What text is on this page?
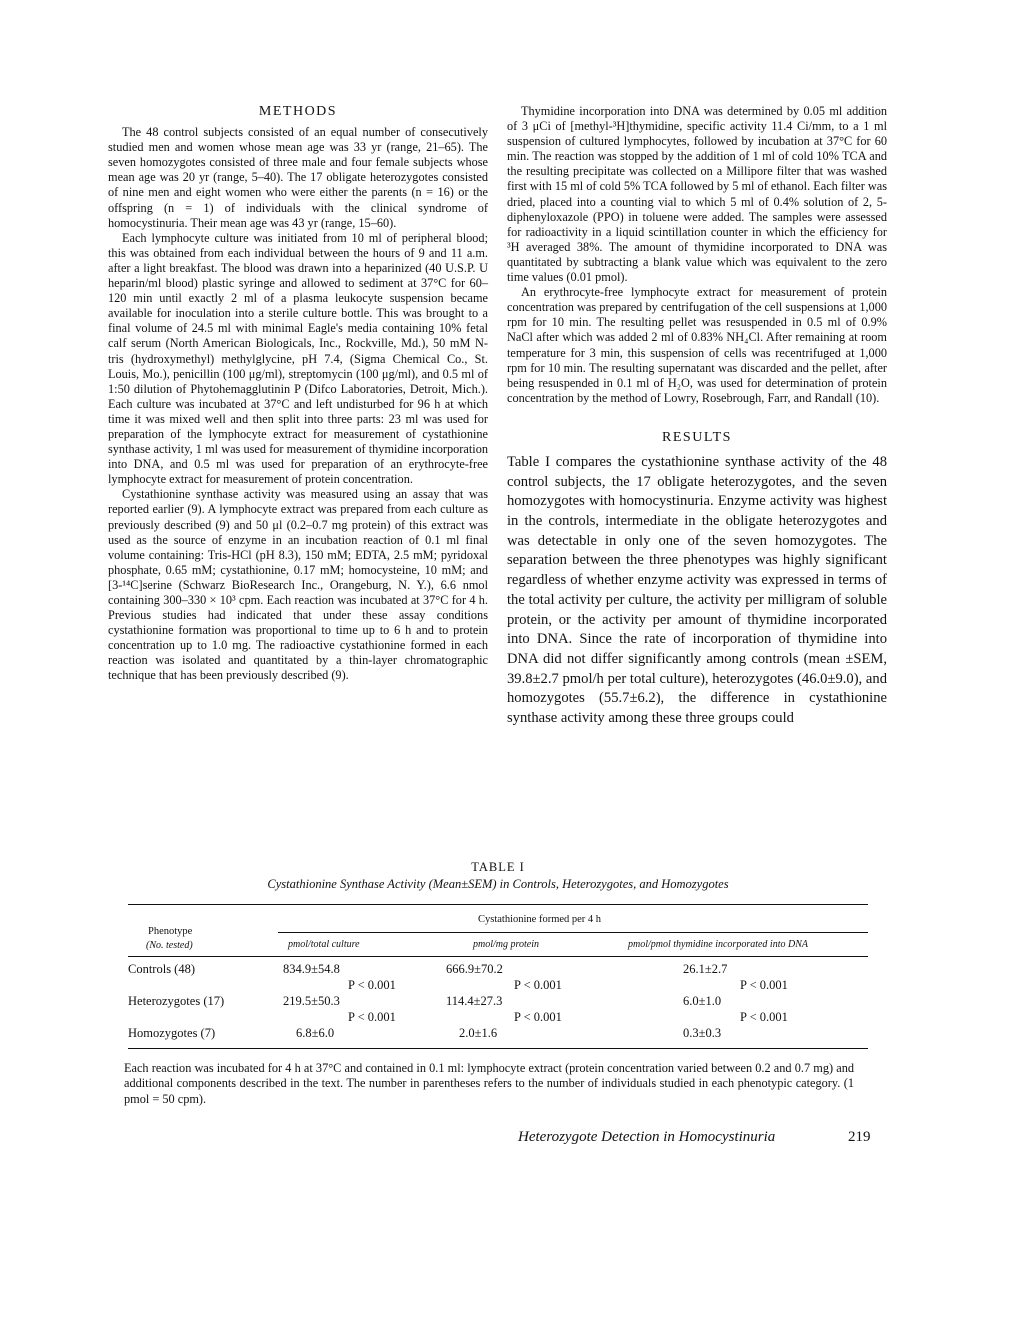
METHODS

The 48 control subjects consisted of an equal number of consecutively studied men and women whose mean age was 33 yr (range, 21–65). The seven homozygotes consisted of three male and four female subjects whose mean age was 20 yr (range, 5–40). The 17 obligate heterozygotes consisted of nine men and eight women who were either the parents (n = 16) or the offspring (n = 1) of individuals with the clinical syndrome of homocystinuria. Their mean age was 43 yr (range, 15–60).

Each lymphocyte culture was initiated from 10 ml of peripheral blood; this was obtained from each individual between the hours of 9 and 11 a.m. after a light breakfast. The blood was drawn into a heparinized (40 U.S.P. U heparin/ml blood) plastic syringe and allowed to sediment at 37°C for 60–120 min until exactly 2 ml of a plasma leukocyte suspension became available for inoculation into a sterile culture bottle. This was brought to a final volume of 24.5 ml with minimal Eagle's media containing 10% fetal calf serum (North American Biologicals, Inc., Rockville, Md.), 50 mM N-tris (hydroxymethyl) methylglycine, pH 7.4, (Sigma Chemical Co., St. Louis, Mo.), penicillin (100 μg/ml), streptomycin (100 μg/ml), and 0.5 ml of 1:50 dilution of Phytohemagglutinin P (Difco Laboratories, Detroit, Mich.). Each culture was incubated at 37°C and left undisturbed for 96 h at which time it was mixed well and then split into three parts: 23 ml was used for preparation of the lymphocyte extract for measurement of cystathionine synthase activity, 1 ml was used for measurement of thymidine incorporation into DNA, and 0.5 ml was used for preparation of an erythrocyte-free lymphocyte extract for measurement of protein concentration.

Cystathionine synthase activity was measured using an assay that was reported earlier (9). A lymphocyte extract was prepared from each culture as previously described (9) and 50 μl (0.2–0.7 mg protein) of this extract was used as the source of enzyme in an incubation reaction of 0.1 ml final volume containing: Tris-HCl (pH 8.3), 150 mM; EDTA, 2.5 mM; pyridoxal phosphate, 0.65 mM; cystathionine, 0.17 mM; homocysteine, 10 mM; and [3-¹⁴C]serine (Schwarz BioResearch Inc., Orangeburg, N. Y.), 6.6 nmol containing 300–330 × 10³ cpm. Each reaction was incubated at 37°C for 4 h. Previous studies had indicated that under these assay conditions cystathionine formation was proportional to time up to 6 h and to protein concentration up to 1.0 mg. The radioactive cystathionine formed in each reaction was isolated and quantitated by a thin-layer chromatographic technique that has been previously described (9).

Thymidine incorporation into DNA was determined by 0.05 ml addition of 3 μCi of [methyl-³H]thymidine, specific activity 11.4 Ci/mm, to a 1 ml suspension of cultured lymphocytes, followed by incubation at 37°C for 60 min. The reaction was stopped by the addition of 1 ml of cold 10% TCA and the resulting precipitate was collected on a Millipore filter that was washed first with 15 ml of cold 5% TCA followed by 5 ml of ethanol. Each filter was dried, placed into a counting vial to which 5 ml of 0.4% solution of 2, 5-diphenyloxazole (PPO) in toluene were added. The samples were assessed for radioactivity in a liquid scintillation counter in which the efficiency for ³H averaged 38%. The amount of thymidine incorporated to DNA was quantitated by subtracting a blank value which was equivalent to the zero time values (0.01 pmol).

An erythrocyte-free lymphocyte extract for measurement of protein concentration was prepared by centrifugation of the cell suspensions at 1,000 rpm for 10 min. The resulting pellet was resuspended in 0.5 ml of 0.9% NaCl after which was added 2 ml of 0.83% NH₄Cl. After remaining at room temperature for 3 min, this suspension of cells was recentrifuged at 1,000 rpm for 10 min. The resulting supernatant was discarded and the pellet, after being resuspended in 0.1 ml of H₂O, was used for determination of protein concentration by the method of Lowry, Rosebrough, Farr, and Randall (10).

RESULTS

Table I compares the cystathionine synthase activity of the 48 control subjects, the 17 obligate heterozygotes, and the seven homozygotes with homocystinuria. Enzyme activity was highest in the controls, intermediate in the obligate heterozygotes and was detectable in only one of the seven homozygotes. The separation between the three phenotypes was highly significant regardless of whether enzyme activity was expressed in terms of the total activity per culture, the activity per milligram of soluble protein, or the activity per amount of thymidine incorporated into DNA. Since the rate of incorporation of thymidine into DNA did not differ significantly among controls (mean ±SEM, 39.8±2.7 pmol/h per total culture), heterozygotes (46.0±9.0), and homozygotes (55.7±6.2), the difference in cystathionine synthase activity among these three groups could

TABLE I
Cystathionine Synthase Activity (Mean±SEM) in Controls, Heterozygotes, and Homozygotes
Phenotype
(No. tested)
Cystathionine formed per 4 h
pmol/total culture	pmol/mg protein	pmol/pmol thymidine incorporated into DNA
Controls (48)	834.9±54.8	666.9±70.2	26.1±2.7
P < 0.001	P < 0.001	P < 0.001
Heterozygotes (17)	219.5±50.3	114.4±27.3	6.0±1.0
P < 0.001	P < 0.001	P < 0.001
Homozygotes (7)	6.8±6.0	2.0±1.6	0.3±0.3
Each reaction was incubated for 4 h at 37°C and contained in 0.1 ml: lymphocyte extract (protein concentration varied between 0.2 and 0.7 mg) and additional components described in the text. The number in parentheses refers to the number of individuals studied in each phenotypic category. (1 pmol = 50 cpm).
Heterozygote Detection in Homocystinuria	219
